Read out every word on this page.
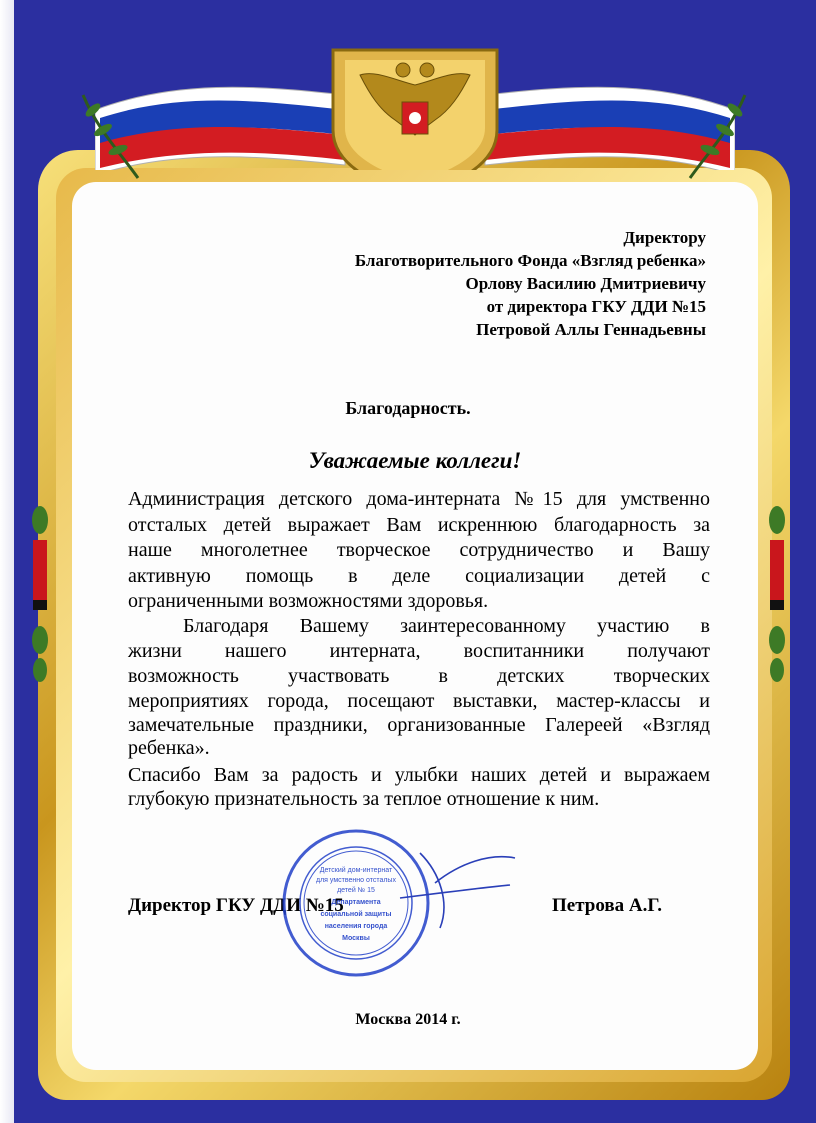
Директору
Благотворительного Фонда «Взгляд ребенка»
Орлову Василию Дмитриевичу
от директора ГКУ ДДИ №15
Петровой Аллы Геннадьевны
Благодарность.
Уважаемые коллеги!
Администрация детского дома-интерната №15 для умственно
отсталых детей выражает Вам искреннюю благодарность за
наше многолетнее творческое сотрудничество и Вашу
активную помощь в деле социализации детей с
ограниченными возможностями здоровья.
Благодаря Вашему заинтересованному участию в
жизни нашего интерната, воспитанники получают
возможность участвовать в детских творческих
мероприятиях города, посещают выставки, мастер-классы и
замечательные праздники, организованные Галереей «Взгляд
ребенка».
Спасибо Вам за радость и улыбки наших детей и выражаем
глубокую признательность за теплое отношение к ним.
Директор ГКУ ДДИ №15	Петрова А.Г.
Детский дом-интернат
для умственно отсталых
детей № 15
Департамента
социальной защиты
населения города
Москвы
Москва 2014 г.
